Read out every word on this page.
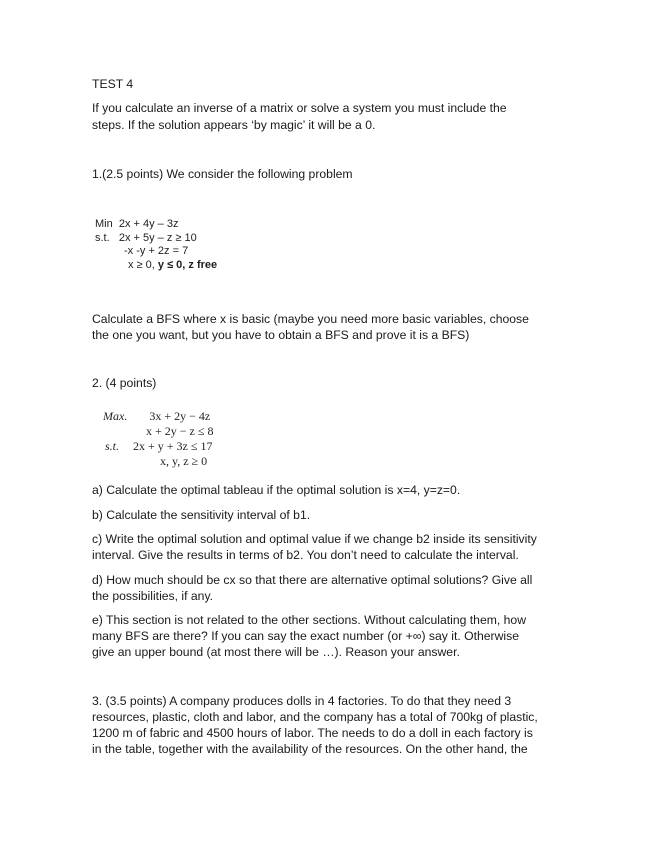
TEST 4
If you calculate an inverse of a matrix or solve a system you must include the
steps. If the solution appears ‘by magic’ it will be a 0.
1.(2.5 points) We consider the following problem
Min 2x + 4y – 3z
s.t. 2x + 5y – z ≥ 10
-x -y + 2z = 7
x ≥ 0, y ≤ 0, z free
Calculate a BFS where x is basic (maybe you need more basic variables, choose
the one you want, but you have to obtain a BFS and prove it is a BFS)
2. (4 points)
Max. 3x + 2y − 4z
x + 2y − z ≤ 8
s.t. 2x + y + 3z ≤ 17
x, y, z ≥ 0
a) Calculate the optimal tableau if the optimal solution is x=4, y=z=0.
b) Calculate the sensitivity interval of b1.
c) Write the optimal solution and optimal value if we change b2 inside its sensitivity
interval. Give the results in terms of b2. You don’t need to calculate the interval.
d) How much should be cx so that there are alternative optimal solutions? Give all
the possibilities, if any.
e) This section is not related to the other sections. Without calculating them, how
many BFS are there? If you can say the exact number (or +∞) say it. Otherwise
give an upper bound (at most there will be …). Reason your answer.
3. (3.5 points) A company produces dolls in 4 factories. To do that they need 3
resources, plastic, cloth and labor, and the company has a total of 700kg of plastic,
1200 m of fabric and 4500 hours of labor. The needs to do a doll in each factory is
in the table, together with the availability of the resources. On the other hand, the
